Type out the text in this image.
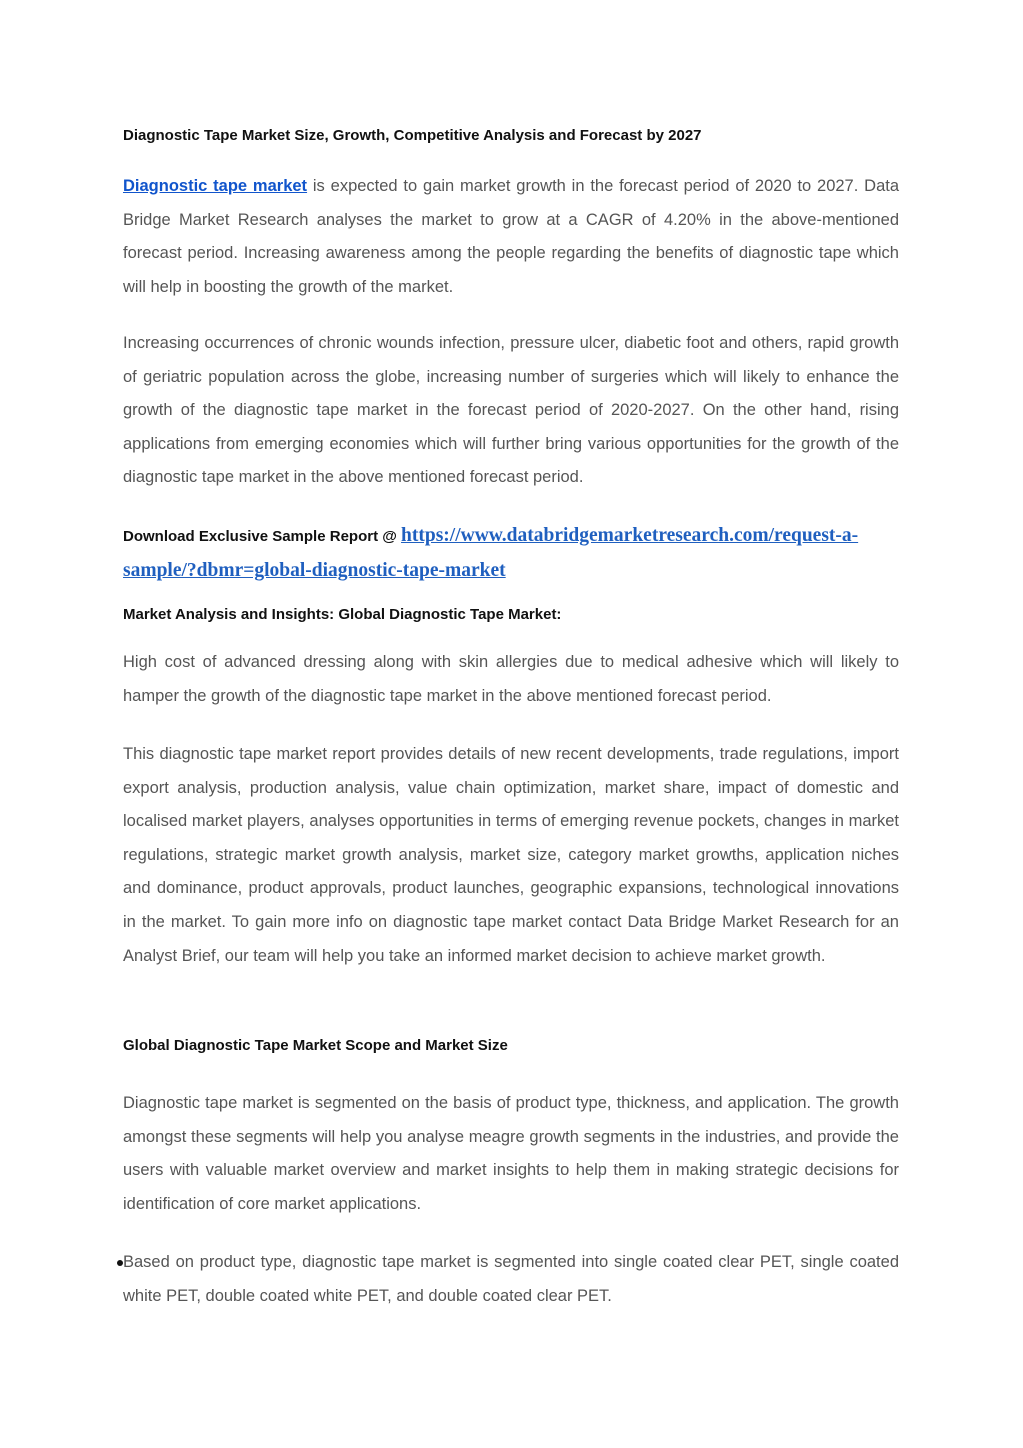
Diagnostic Tape Market Size, Growth, Competitive Analysis and Forecast by 2027

Diagnostic tape market is expected to gain market growth in the forecast period of 2020 to 2027. Data Bridge Market Research analyses the market to grow at a CAGR of 4.20% in the above-mentioned forecast period. Increasing awareness among the people regarding the benefits of diagnostic tape which will help in boosting the growth of the market.

Increasing occurrences of chronic wounds infection, pressure ulcer, diabetic foot and others, rapid growth of geriatric population across the globe, increasing number of surgeries which will likely to enhance the growth of the diagnostic tape market in the forecast period of 2020-2027. On the other hand, rising applications from emerging economies which will further bring various opportunities for the growth of the diagnostic tape market in the above mentioned forecast period.

Download Exclusive Sample Report @ https://www.databridgemarketresearch.com/request-a-sample/?dbmr=global-diagnostic-tape-market
Market Analysis and Insights: Global Diagnostic Tape Market:

High cost of advanced dressing along with skin allergies due to medical adhesive which will likely to hamper the growth of the diagnostic tape market in the above mentioned forecast period.

This diagnostic tape market report provides details of new recent developments, trade regulations, import export analysis, production analysis, value chain optimization, market share, impact of domestic and localised market players, analyses opportunities in terms of emerging revenue pockets, changes in market regulations, strategic market growth analysis, market size, category market growths, application niches and dominance, product approvals, product launches, geographic expansions, technological innovations in the market. To gain more info on diagnostic tape market contact Data Bridge Market Research for an Analyst Brief, our team will help you take an informed market decision to achieve market growth.

Global Diagnostic Tape Market Scope and Market Size

Diagnostic tape market is segmented on the basis of product type, thickness, and application. The growth amongst these segments will help you analyse meagre growth segments in the industries, and provide the users with valuable market overview and market insights to help them in making strategic decisions for identification of core market applications.

Based on product type, diagnostic tape market is segmented into single coated clear PET, single coated white PET, double coated white PET, and double coated clear PET.
